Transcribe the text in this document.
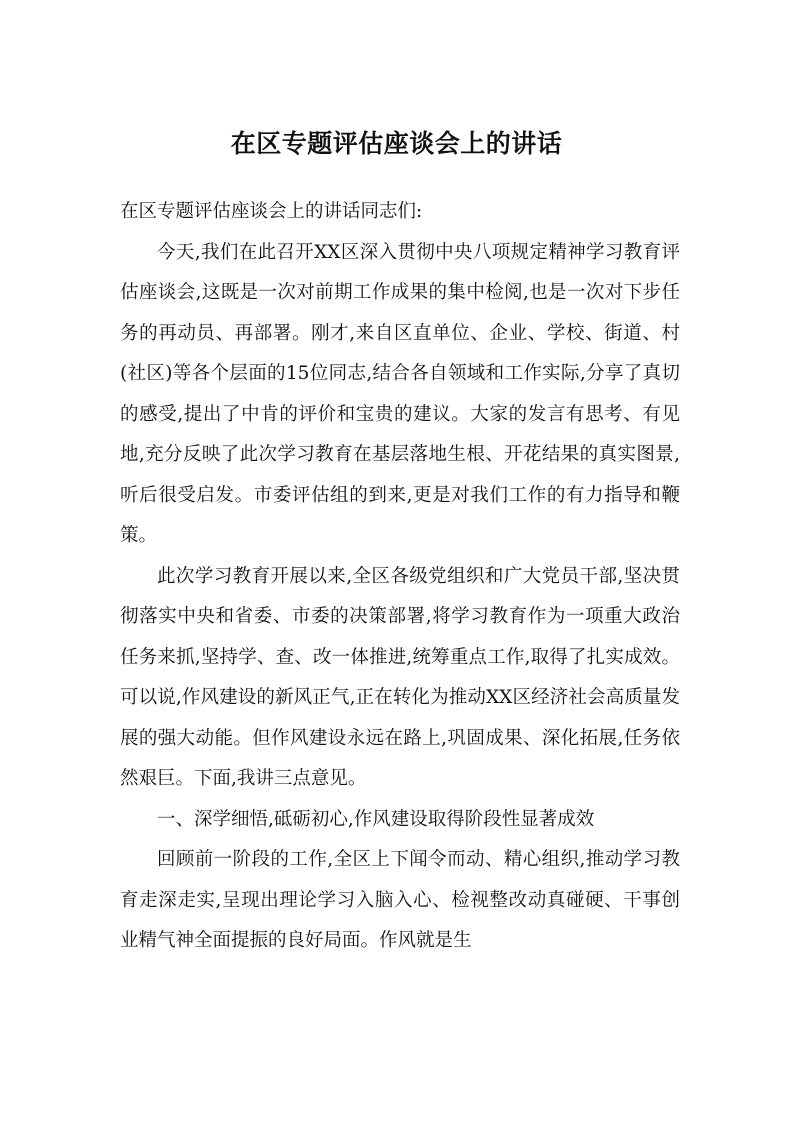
在区专题评估座谈会上的讲话

在区专题评估座谈会上的讲话同志们:

今天,我们在此召开XX区深入贯彻中央八项规定精神学习教育评估座谈会,这既是一次对前期工作成果的集中检阅,也是一次对下步任务的再动员、再部署。刚才,来自区直单位、企业、学校、街道、村(社区)等各个层面的15位同志,结合各自领域和工作实际,分享了真切的感受,提出了中肯的评价和宝贵的建议。大家的发言有思考、有见地,充分反映了此次学习教育在基层落地生根、开花结果的真实图景,听后很受启发。市委评估组的到来,更是对我们工作的有力指导和鞭策。

此次学习教育开展以来,全区各级党组织和广大党员干部,坚决贯彻落实中央和省委、市委的决策部署,将学习教育作为一项重大政治任务来抓,坚持学、查、改一体推进,统筹重点工作,取得了扎实成效。可以说,作风建设的新风正气,正在转化为推动XX区经济社会高质量发展的强大动能。但作风建设永远在路上,巩固成果、深化拓展,任务依然艰巨。下面,我讲三点意见。

一、深学细悟,砥砺初心,作风建设取得阶段性显著成效

回顾前一阶段的工作,全区上下闻令而动、精心组织,推动学习教育走深走实,呈现出理论学习入脑入心、检视整改动真碰硬、干事创业精气神全面提振的良好局面。作风就是生
